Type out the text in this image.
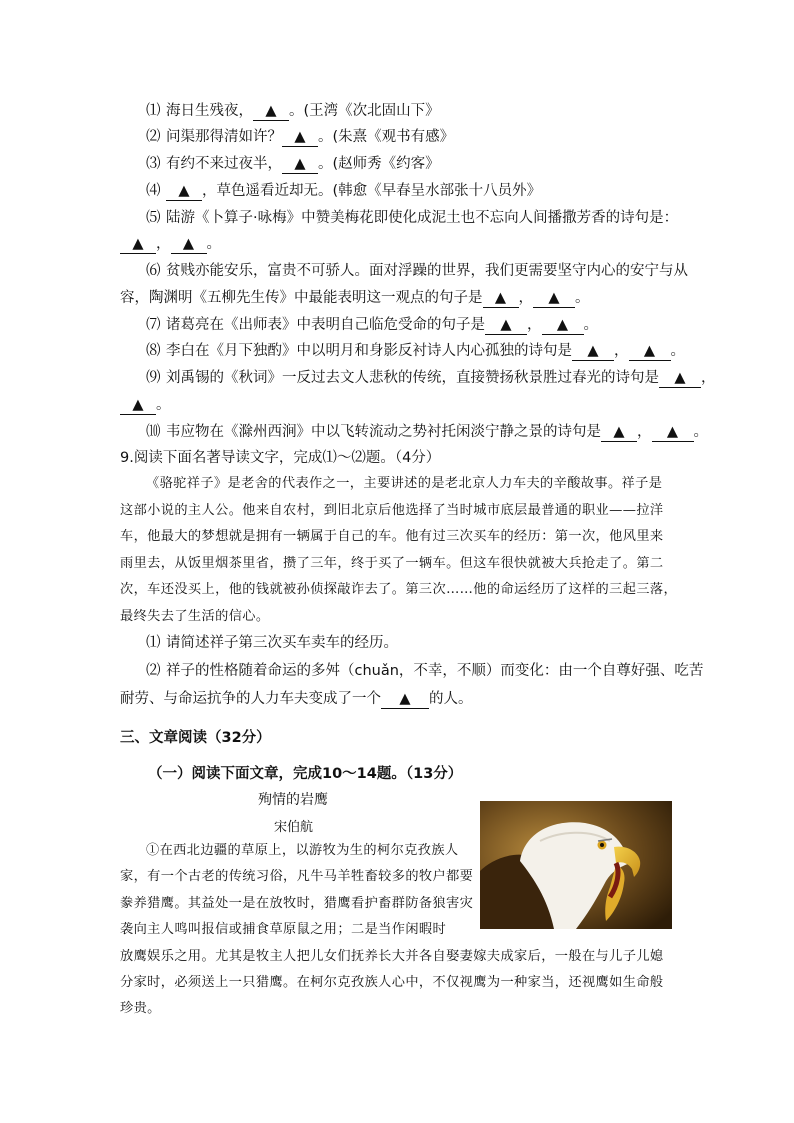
⑴ 海日生残夜， ▲ 。(王湾《次北固山下》
⑵ 问渠那得清如许？ ▲ 。(朱熹《观书有感》
⑶ 有约不来过夜半， ▲ 。(赵师秀《约客》
⑷ ▲	，草色遥看近却无。(韩愈《早春呈水部张十八员外》
⑸ 陆游《卜算子·咏梅》中赞美梅花即使化成泥土也不忘向人间播撒芳香的诗句是：
▲， ▲ 。
⑹ 贫贱亦能安乐，富贵不可骄人。面对浮躁的世界，我们更需要坚守内心的安宁与从
容，陶渊明《五柳先生传》中最能表明这一观点的句子是 ▲ ， ▲	。
⑺ 诸葛亮在《出师表》中表明自己临危受命的句子是 ▲	， ▲	。
⑻ 李白在《月下独酌》中以明月和身影反衬诗人内心孤独的诗句是 ▲	， ▲	。
⑼ 刘禹锡的《秋词》一反过去文人悲秋的传统，直接赞扬秋景胜过春光的诗句是 ▲	，
▲。
⑽ 韦应物在《滁州西涧》中以飞转流动之势衬托闲淡宁静之景的诗句是 ▲ ， ▲	。
9.阅读下面名著导读文字，完成⑴～⑵题。（4分）
《骆驼祥子》是老舍的代表作之一，主要讲述的是老北京人力车夫的辛酸故事。祥子是
这部小说的主人公。他来自农村，到旧北京后他选择了当时城市底层最普通的职业——拉洋
车，他最大的梦想就是拥有一辆属于自己的车。他有过三次买车的经历：第一次，他风里来
雨里去，从饭里烟茶里省，攒了三年，终于买了一辆车。但这车很快就被大兵抢走了。第二
次，车还没买上，他的钱就被孙侦探敲诈去了。第三次……他的命运经历了这样的三起三落，
最终失去了生活的信心。
⑴ 请简述祥子第三次买车卖车的经历。
⑵ 祥子的性格随着命运的多舛（chuǎn，不幸，不顺）而变化：由一个自尊好强、吃苦
耐劳、与命运抗争的人力车夫变成了一个 ▲	的人。
三、文章阅读（32分）
（一）阅读下面文章，完成10～14题。（13分）
殉情的岩鹰
宋伯航
①在西北边疆的草原上，以游牧为生的柯尔克孜族人
家，有一个古老的传统习俗，凡牛马羊牲畜较多的牧户都要
豢养猎鹰。其益处一是在放牧时，猎鹰看护畜群防备狼害灾
袭向主人鸣叫报信或捕食草原鼠之用；二是当作闲暇时
放鹰娱乐之用。尤其是牧主人把儿女们抚养长大并各自娶妻嫁夫成家后，一般在与儿子儿媳
分家时，必须送上一只猎鹰。在柯尔克孜族人心中，不仅视鹰为一种家当，还视鹰如生命般
珍贵。
